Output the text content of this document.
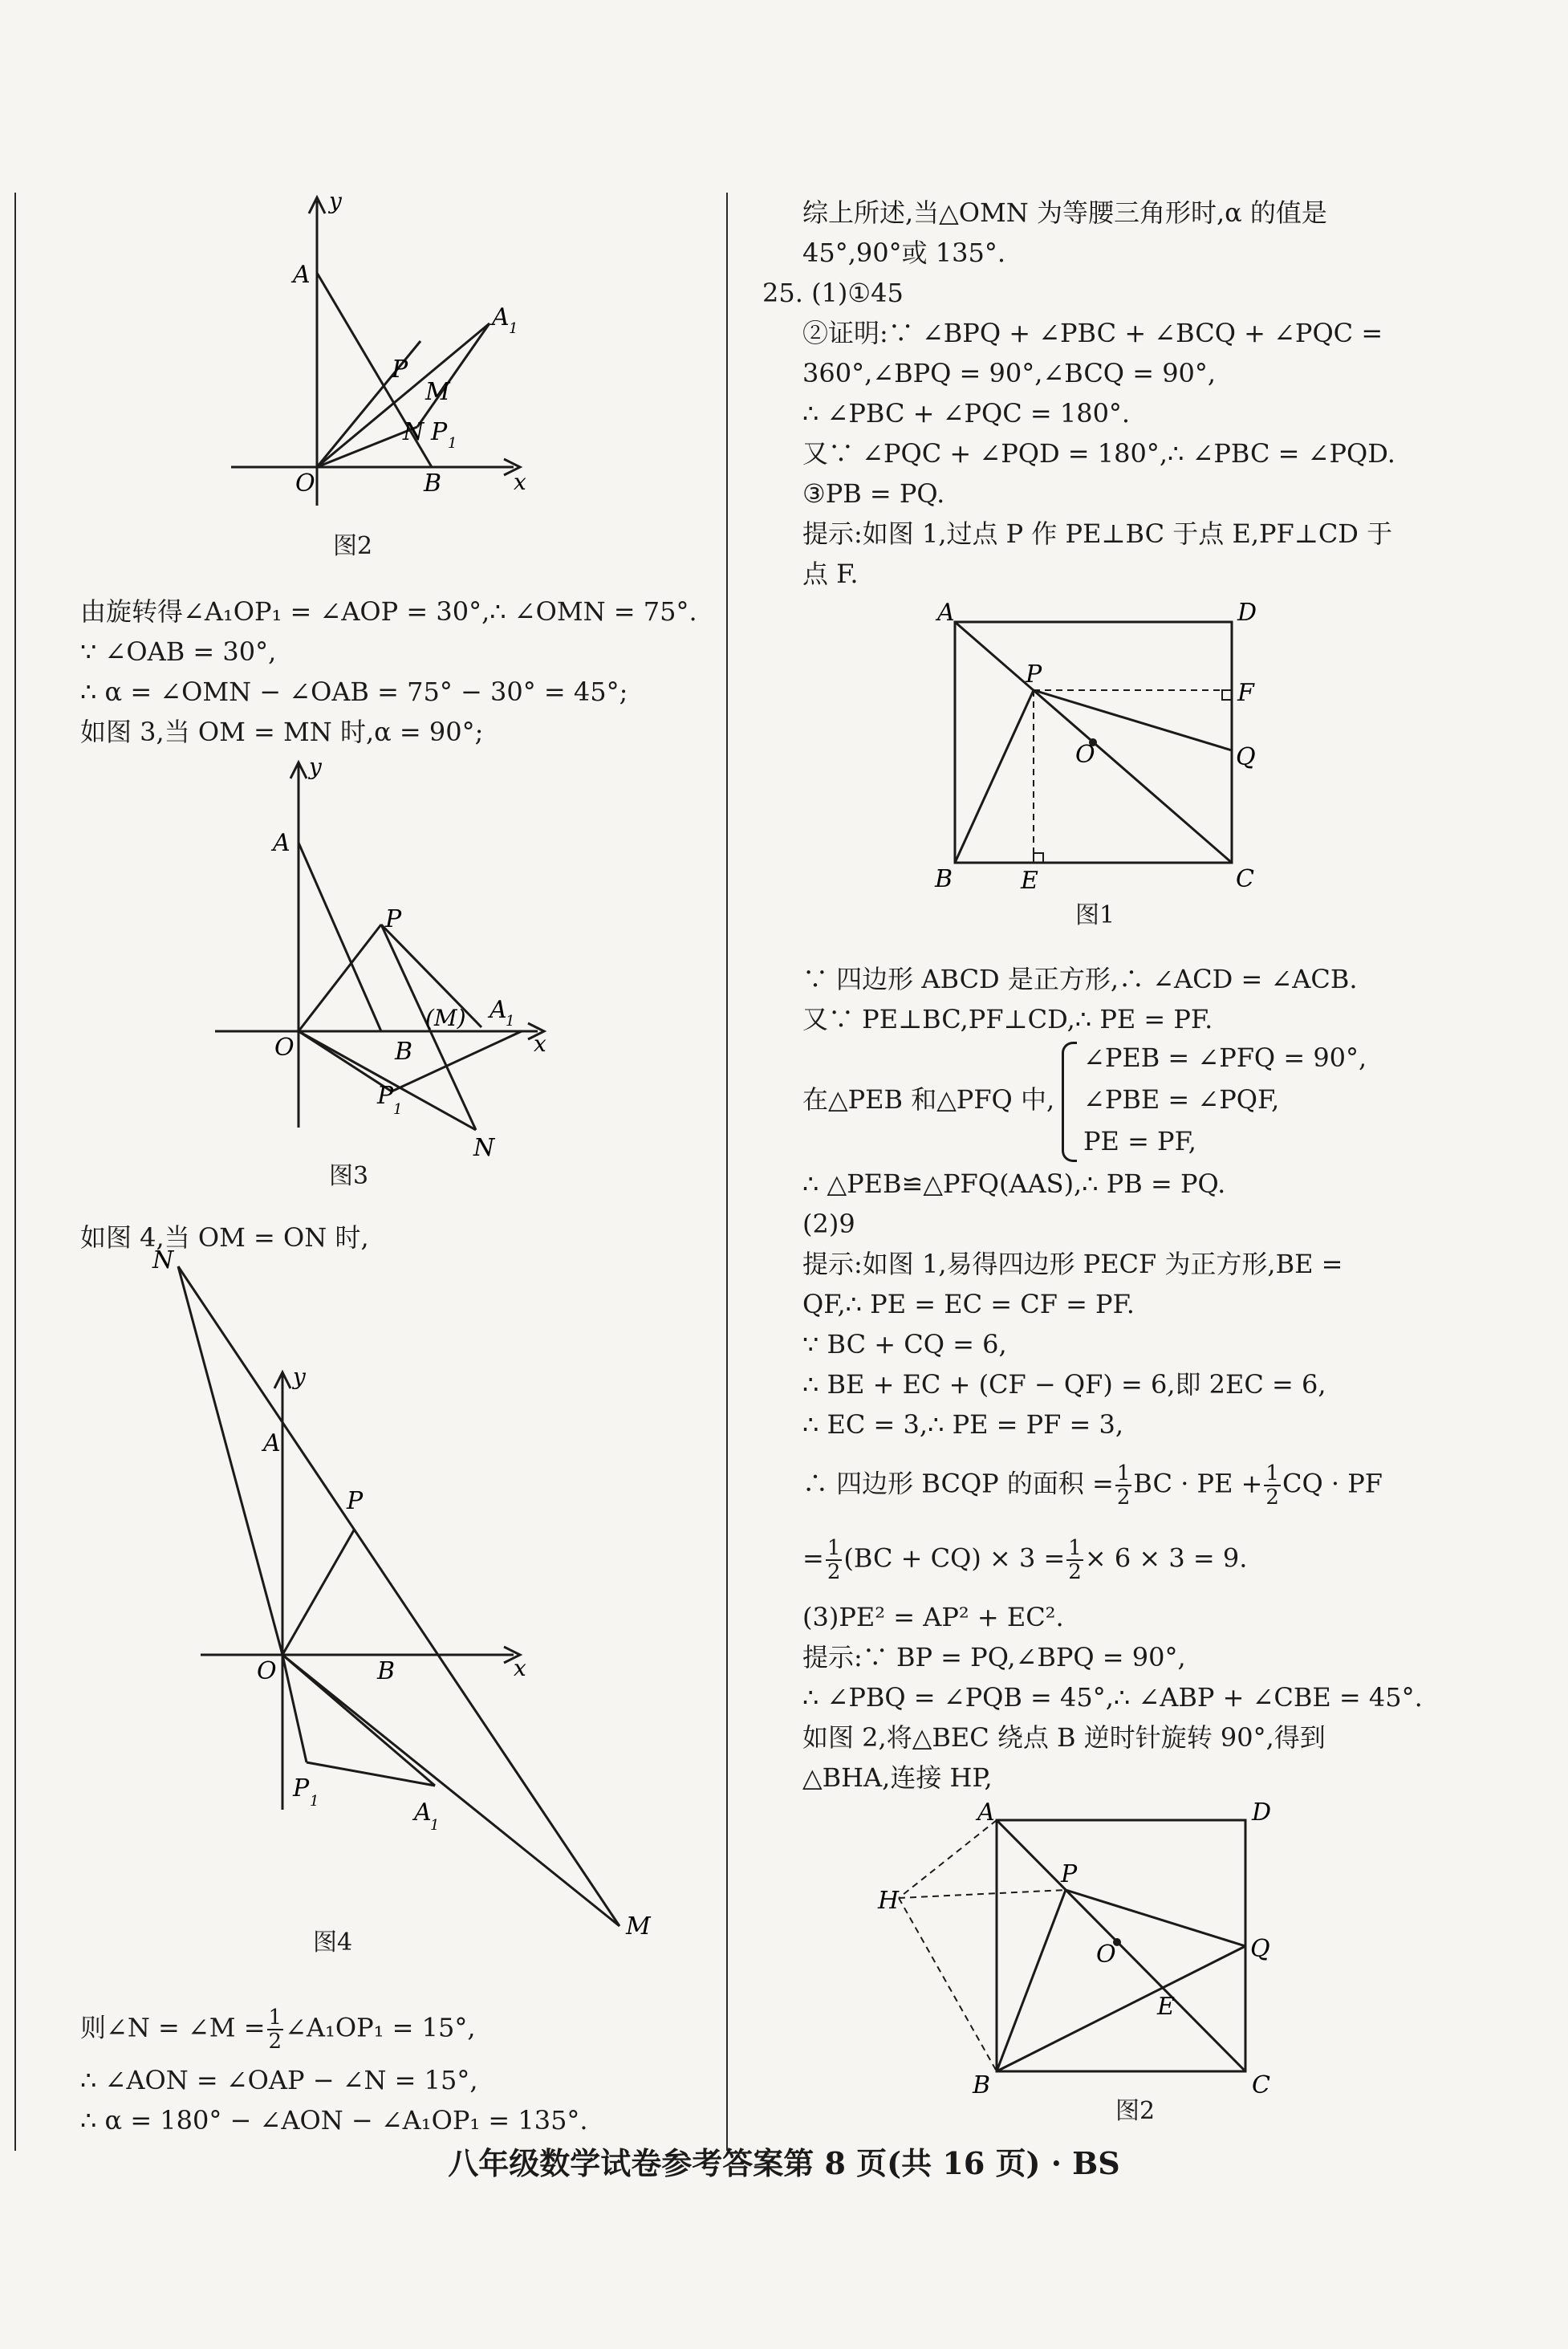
y
x
A
A 1
P
M
N P 1
O	B
图2
由旋转得∠A₁OP₁ = ∠AOP = 30°,∴ ∠OMN = 75°.
∵ ∠OAB = 30°,
∴ α = ∠OMN − ∠OAB = 75° − 30° = 45°;
如图 3,当 OM = MN 时,α = 90°;
y
x
A
P
(M) A
1
O	B
P 1
N
图3
如图 4,当 OM = ON 时,
y
x
N
A
P
O	B
P 1	A
1
M
图4
则∠N = ∠M = $\frac{1}{2}$ ∠A₁OP₁ = 15°,
∴ ∠AON = ∠OAP − ∠N = 15°,
∴ α = 180° − ∠AON − ∠A₁OP₁ = 135°.
综上所述,当△OMN 为等腰三角形时,α 的值是
45°,90°或 135°.
25. (1)①45
②证明:∵ ∠BPQ + ∠PBC + ∠BCQ + ∠PQC =
360°,∠BPQ = 90°,∠BCQ = 90°,
∴ ∠PBC + ∠PQC = 180°.
又∵ ∠PQC + ∠PQD = 180°,∴ ∠PBC = ∠PQD.
③PB = PQ.
提示:如图 1,过点 P 作 PE⊥BC 于点 E,PF⊥CD 于
点 F.
A	D
P
F
O	Q
B	E	C
图1
∵ 四边形 ABCD 是正方形,∴ ∠ACD = ∠ACB.
又∵ PE⊥BC,PF⊥CD,∴ PE = PF.
在△PEB 和△PFQ 中,
∠PEB = ∠PFQ = 90°,
∠PBE = ∠PQF,
PE = PF,
∴ △PEB≌△PFQ(AAS),∴ PB = PQ.
(2)9
提示:如图 1,易得四边形 PECF 为正方形,BE =
QF,∴ PE = EC = CF = PF.
∵ BC + CQ = 6,
∴ BE + EC + (CF − QF) = 6,即 2EC = 6,
∴ EC = 3,∴ PE = PF = 3,
∴ 四边形 BCQP 的面积 = $\frac{1}{2}$ BC · PE + $\frac{1}{2}$ CQ · PF
= $\frac{1}{2} (BC + CQ) \times 3 = \frac{1}{2} \times 6 \times 3 = 9$.
(3)PE² = AP² + EC².
提示:∵ BP = PQ,∠BPQ = 90°,
∴ ∠PBQ = ∠PQB = 45°,∴ ∠ABP + ∠CBE = 45°.
如图 2,将△BEC 绕点 B 逆时针旋转 90°,得到
△BHA,连接 HP,
A	D
P
H
O	Q
E
B	C
图2
八年级数学试卷参考答案第 8 页(共 16 页) · BS
